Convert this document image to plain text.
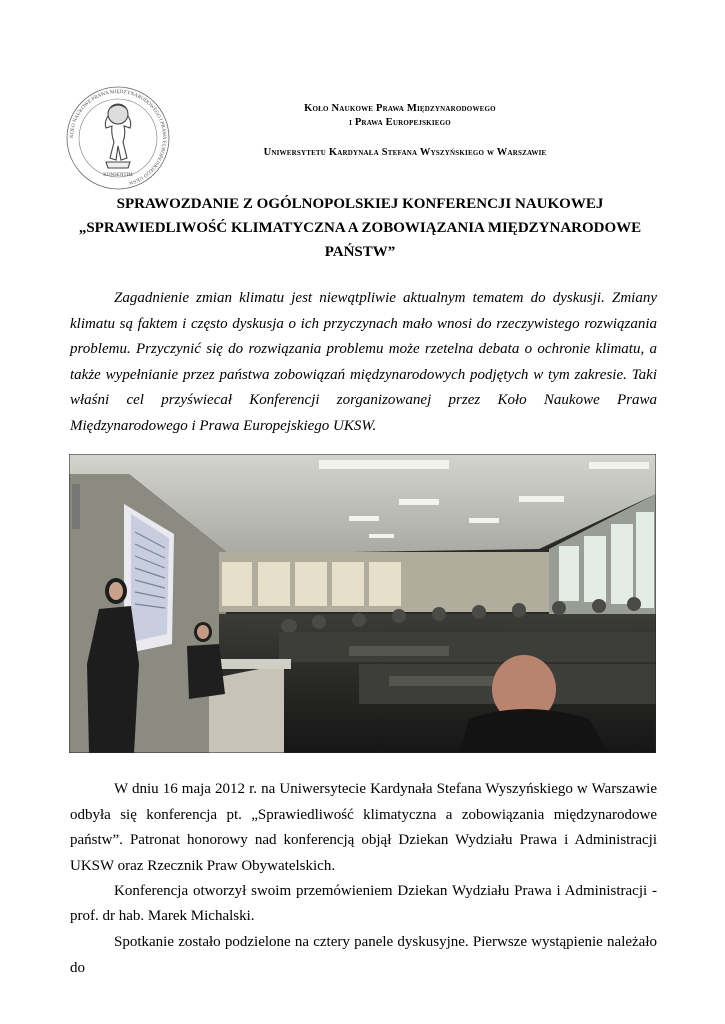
KOŁO NAUKOWE PRAWA MIĘDZYNARODOWEGO I PRAWA EUROPEJSKIEGO UKSW
KONSENTIM
Koło Naukowe Prawa Międzynarodowego
i Prawa Europejskiego
Uniwersytetu Kardynała Stefana Wyszyńskiego w Warszawie
SPRAWOZDANIE Z OGÓLNOPOLSKIEJ KONFERENCJI NAUKOWEJ
„SPRAWIEDLIWOŚĆ KLIMATYCZNA A ZOBOWIĄZANIA MIĘDZYNARODOWE
PAŃSTW”

Zagadnienie zmian klimatu jest niewątpliwie aktualnym tematem do dyskusji. Zmiany klimatu są faktem i często dyskusja o ich przyczynach mało wnosi do rzeczywistego rozwiązania problemu. Przyczynić się do rozwiązania problemu może rzetelna debata o ochronie klimatu, a także wypełnianie przez państwa zobowiązań międzynarodowych podjętych w tym zakresie. Taki właśni cel przyświecał Konferencji zorganizowanej przez Koło Naukowe Prawa Międzynarodowego i Prawa Europejskiego UKSW.

W dniu 16 maja 2012 r. na Uniwersytecie Kardynała Stefana Wyszyńskiego w Warszawie odbyła się konferencja pt. „Sprawiedliwość klimatyczna a zobowiązania międzynarodowe państw”. Patronat honorowy nad konferencją objął Dziekan Wydziału Prawa i Administracji UKSW oraz Rzecznik Praw Obywatelskich.

Konferencja otworzył swoim przemówieniem Dziekan Wydziału Prawa i Administracji -

prof. dr hab. Marek Michalski.

Spotkanie zostało podzielone na cztery panele dyskusyjne. Pierwsze wystąpienie należało do
